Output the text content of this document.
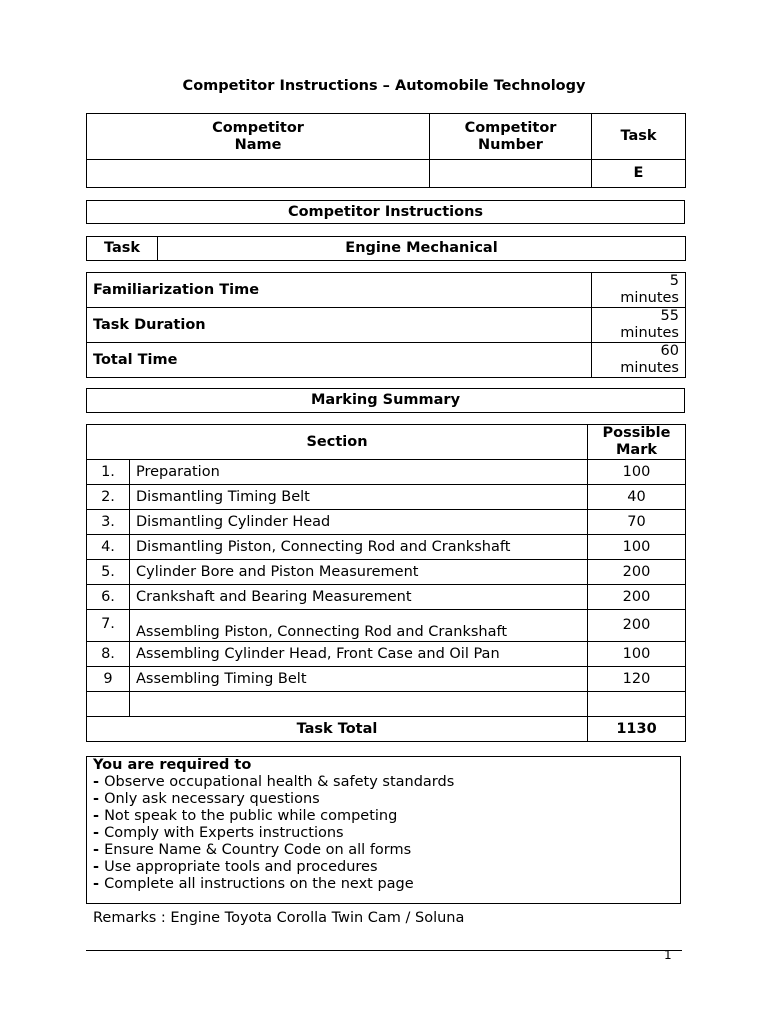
Competitor Instructions – Automobile Technology
Competitor Name	Competitor Number	Task
		E
Competitor Instructions
Task	Engine Mechanical
Familiarization Time	5 minutes

Task Duration	55 minutes

Total Time	60 minutes
Marking Summary
Section		Possible Mark

1.	Preparation	100
2.	Dismantling Timing Belt	40
3.	Dismantling Cylinder Head	70
4.	Dismantling Piston, Connecting Rod and Crankshaft	100
5.	Cylinder Bore and Piston Measurement	200
6.	Crankshaft and Bearing Measurement	200
7.	Assembling Piston, Connecting Rod and Crankshaft	200
8.	Assembling Cylinder Head, Front Case and Oil Pan	100
9	Assembling Timing Belt	120

Task Total		1130
You are required to
- Observe occupational health & safety standards
- Only ask necessary questions
- Not speak to the public while competing
- Comply with Experts instructions
- Ensure Name & Country Code on all forms
- Use appropriate tools and procedures
- Complete all instructions on the next page
Remarks : Engine Toyota Corolla Twin Cam / Soluna
1
